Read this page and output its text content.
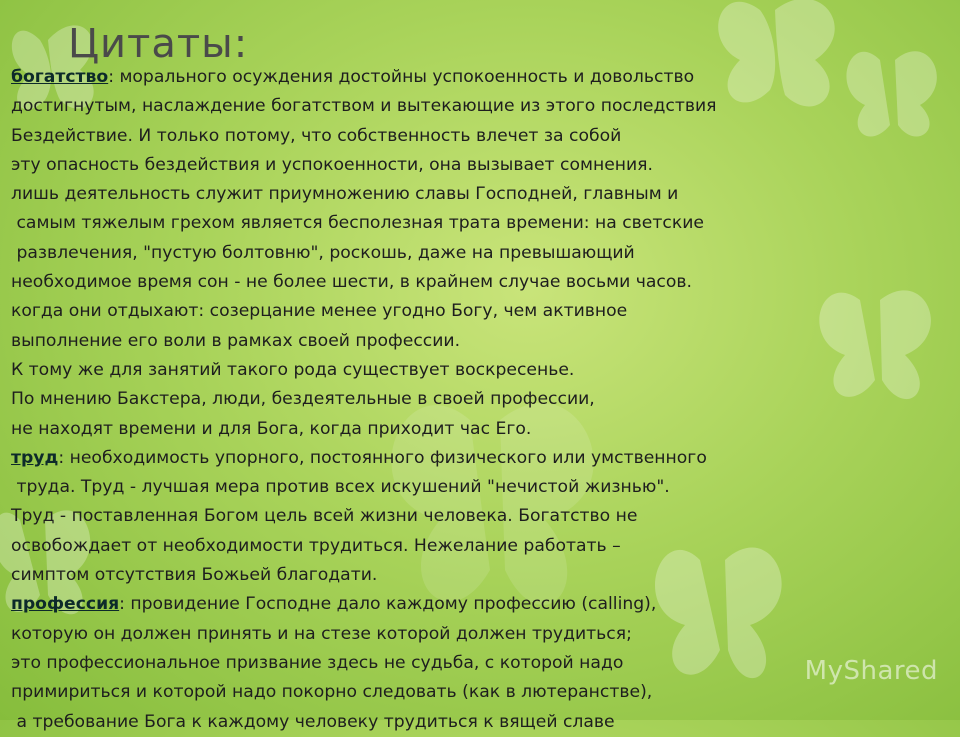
Цитаты:
богатство: морального осуждения достойны успокоенность и довольство
достигнутым, наслаждение богатством и вытекающие из этого последствия
Бездействие. И только потому, что собственность влечет за собой
эту опасность бездействия и успокоенности, она вызывает сомнения.
лишь деятельность служит приумножению славы Господней, главным и
самым тяжелым грехом является бесполезная трата времени: на светские
развлечения, "пустую болтовню", роскошь, даже на превышающий
необходимое время сон - не более шести, в крайнем случае восьми часов.
когда они отдыхают: созерцание менее угодно Богу, чем активное
выполнение его воли в рамках своей профессии.
К тому же для занятий такого рода существует воскресенье.
По мнению Бакстера, люди, бездеятельные в своей профессии,
не находят времени и для Бога, когда приходит час Его.
труд: необходимость упорного, постоянного физического или умственного
труда. Труд - лучшая мера против всех искушений "нечистой жизнью".
Труд - поставленная Богом цель всей жизни человека. Богатство не
освобождает от необходимости трудиться. Нежелание работать –
симптом отсутствия Божьей благодати.
профессия: провидение Господне дало каждому профессию (calling),
которую он должен принять и на стезе которой должен трудиться;
это профессиональное призвание здесь не судьба, с которой надо
примириться и которой надо покорно следовать (как в лютеранстве),
а требование Бога к каждому человеку трудиться к вящей славе
MyShared
